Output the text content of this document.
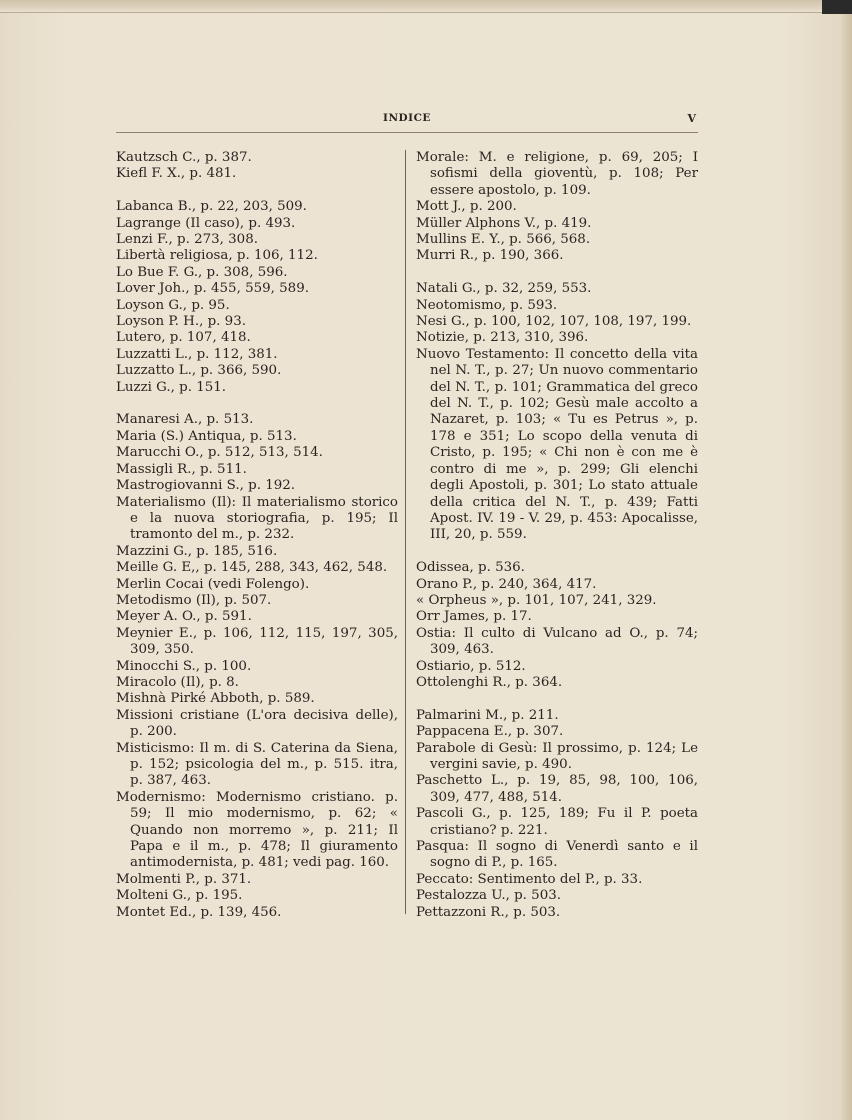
INDICE	V

Kautzsch C., p. 387.

Kiefl F. X., p. 481.

Labanca B., p. 22, 203, 509.

Lagrange (Il caso), p. 493.

Lenzi F., p. 273, 308.

Libertà religiosa, p. 106, 112.

Lo Bue F. G., p. 308, 596.

Lover Joh., p. 455, 559, 589.

Loyson G., p. 95.

Loyson P. H., p. 93.

Lutero, p. 107, 418.

Luzzatti L., p. 112, 381.

Luzzatto L., p. 366, 590.

Luzzi G., p. 151.

Manaresi A., p. 513.

Maria (S.) Antiqua, p. 513.

Marucchi O., p. 512, 513, 514.

Massigli R., p. 511.

Mastrogiovanni S., p. 192.

Materialismo (Il): Il materialismo storico e la nuova storiografia, p. 195; Il tramonto del m., p. 232.

Mazzini G., p. 185, 516.

Meille G. E,, p. 145, 288, 343, 462, 548.

Merlin Cocai (vedi Folengo).

Metodismo (Il), p. 507.

Meyer A. O., p. 591.

Meynier E., p. 106, 112, 115, 197, 305, 309, 350.

Minocchi S., p. 100.

Miracolo (Il), p. 8.

Mishnà Pirké Abboth, p. 589.

Missioni cristiane (L'ora decisiva delle), p. 200.

Misticismo: Il m. di S. Caterina da Siena, p. 152; psicologia del m., p. 515. itra, p. 387, 463.

Modernismo: Modernismo cristiano. p. 59; Il mio modernismo, p. 62; « Quando non morremo », p. 211; Il Papa e il m., p. 478; Il giuramento antimodernista, p. 481; vedi pag. 160.

Molmenti P., p. 371.

Molteni G., p. 195.

Montet Ed., p. 139, 456.

Morale: M. e religione, p. 69, 205; I sofismi della gioventù, p. 108; Per essere apostolo, p. 109.

Mott J., p. 200.

Müller Alphons V., p. 419.

Mullins E. Y., p. 566, 568.

Murri R., p. 190, 366.

Natali G., p. 32, 259, 553.

Neotomismo, p. 593.

Nesi G., p. 100, 102, 107, 108, 197, 199.

Notizie, p. 213, 310, 396.

Nuovo Testamento: Il concetto della vita nel N. T., p. 27; Un nuovo commentario del N. T., p. 101; Grammatica del greco del N. T., p. 102; Gesù male accolto a Nazaret, p. 103; « Tu es Petrus », p. 178 e 351; Lo scopo della venuta di Cristo, p. 195; « Chi non è con me è contro di me », p. 299; Gli elenchi degli Apostoli, p. 301; Lo stato attuale della critica del N. T., p. 439; Fatti Apost. IV. 19 - V. 29, p. 453: Apocalisse, III, 20, p. 559.

Odissea, p. 536.

Orano P., p. 240, 364, 417.

« Orpheus », p. 101, 107, 241, 329.

Orr James, p. 17.

Ostia: Il culto di Vulcano ad O., p. 74; 309, 463.

Ostiario, p. 512.

Ottolenghi R., p. 364.

Palmarini M., p. 211.

Pappacena E., p. 307.

Parabole di Gesù: Il prossimo, p. 124; Le vergini savie, p. 490.

Paschetto L., p. 19, 85, 98, 100, 106, 309, 477, 488, 514.

Pascoli G., p. 125, 189; Fu il P. poeta cristiano? p. 221.

Pasqua: Il sogno di Venerdì santo e il sogno di P., p. 165.

Peccato: Sentimento del P., p. 33.

Pestalozza U., p. 503.

Pettazzoni R., p. 503.
